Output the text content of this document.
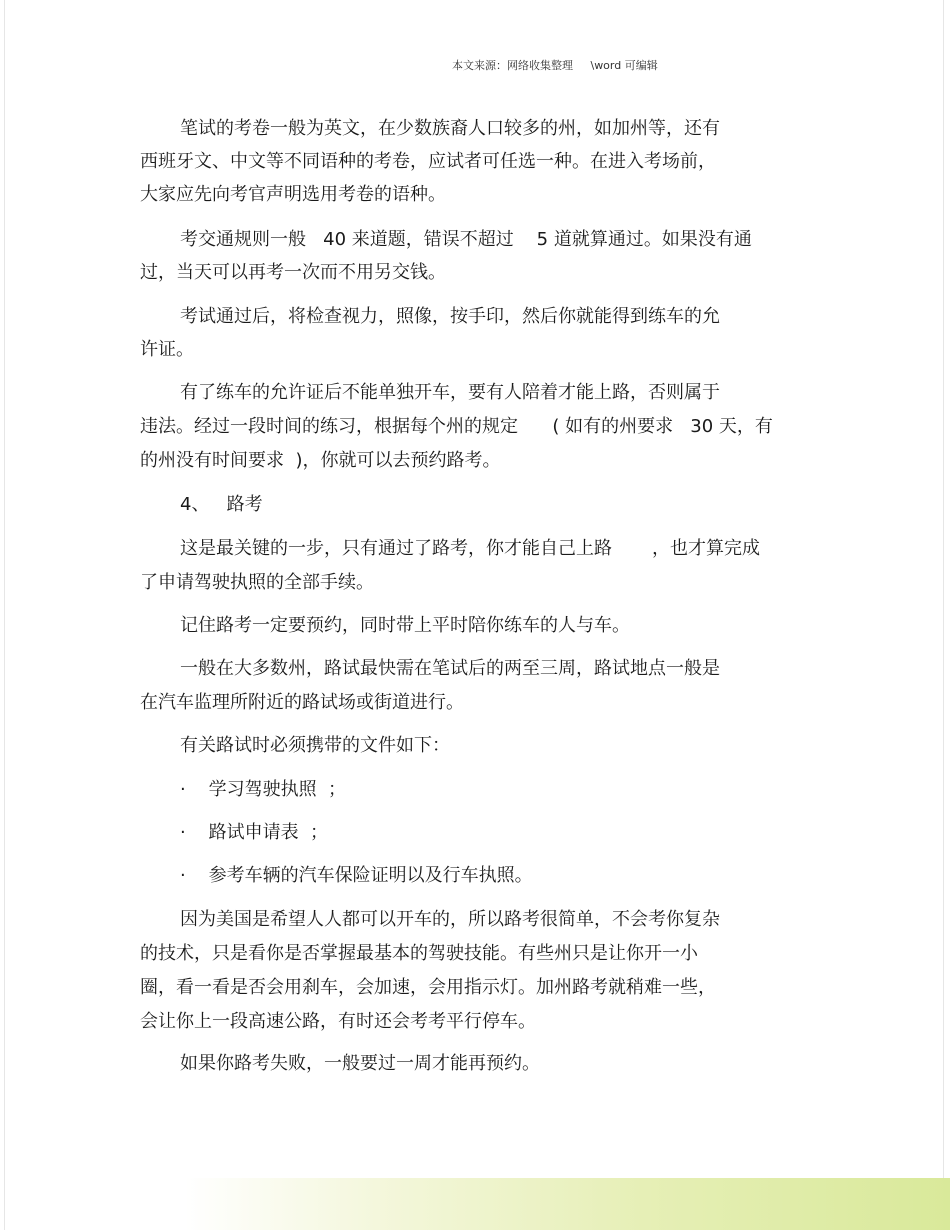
本文来源：网络收集整理 \word 可编辑
笔试的考卷一般为英文，在少数族裔人口较多的州，如加州等，还有
西班牙文、中文等不同语种的考卷，应试者可任选一种。在进入考场前，
大家应先向考官声明选用考卷的语种。
考交通规则一般   40 来道题，错误不超过    5 道就算通过。如果没有通
过，当天可以再考一次而不用另交钱。
考试通过后，将检查视力，照像，按手印，然后你就能得到练车的允
许证。
有了练车的允许证后不能单独开车，要有人陪着才能上路，否则属于
违法。经过一段时间的练习，根据每个州的规定      ( 如有的州要求   30 天，有
的州没有时间要求  )，你就可以去预约路考。
4、   路考
这是最关键的一步，只有通过了路考，你才能自己上路       ，也才算完成
了申请驾驶执照的全部手续。
记住路考一定要预约，同时带上平时陪你练车的人与车。
一般在大多数州，路试最快需在笔试后的两至三周，路试地点一般是
在汽车监理所附近的路试场或街道进行。
有关路试时必须携带的文件如下：
·    学习驾驶执照  ；
·    路试申请表  ；
·    参考车辆的汽车保险证明以及行车执照。
因为美国是希望人人都可以开车的，所以路考很简单，不会考你复杂
的技术，只是看你是否掌握最基本的驾驶技能。有些州只是让你开一小
圈，看一看是否会用刹车，会加速，会用指示灯。加州路考就稍难一些，
会让你上一段高速公路，有时还会考考平行停车。
如果你路考失败，一般要过一周才能再预约。
